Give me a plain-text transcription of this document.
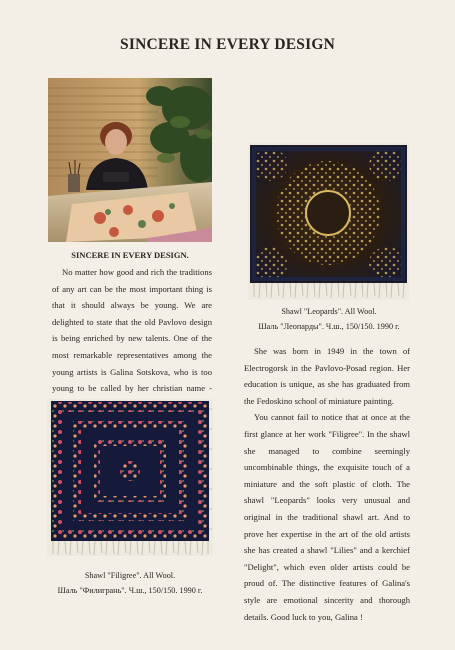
SINCERE IN EVERY DESIGN
SINCERE IN EVERY DESIGN.

No matter how good and rich the traditions of any art can be the most important thing is that it should always be young. We are delighted to state that the old Pavlovo design is being enriched by new talents. One of the most remarkable representatives among the young artists is Galina Sotskova, who is too young to be called by her christian name -

Shawl "Leopards". All Wool.
Шаль "Леопарды". Ч.ш., 150/150. 1990 г.

She was born in 1949 in the town of Electrogorsk in the Pavlovo-Posad region. Her education is unique, as she has graduated from the Fedoskino school of miniature painting.

You cannot fail to notice that at once at the first glance at her work "Filigree". In the shawl she managed to combine seemingly uncombinable things, the exquisite touch of a miniature and the soft plastic of cloth. The shawl "Leopards" looks very unusual and original in the traditional shawl art. And to prove her expertise in the art of the old artists she has created a shawl "Lilies" and a kerchief "Delight", which even older artists could be proud of. The distinctive features of Galina's style are emotional sincerity and thorough details. Good luck to you, Galina !

Shawl "Filigree". All Wool.
Шаль "Филигрань". Ч.ш., 150/150. 1990 г.
